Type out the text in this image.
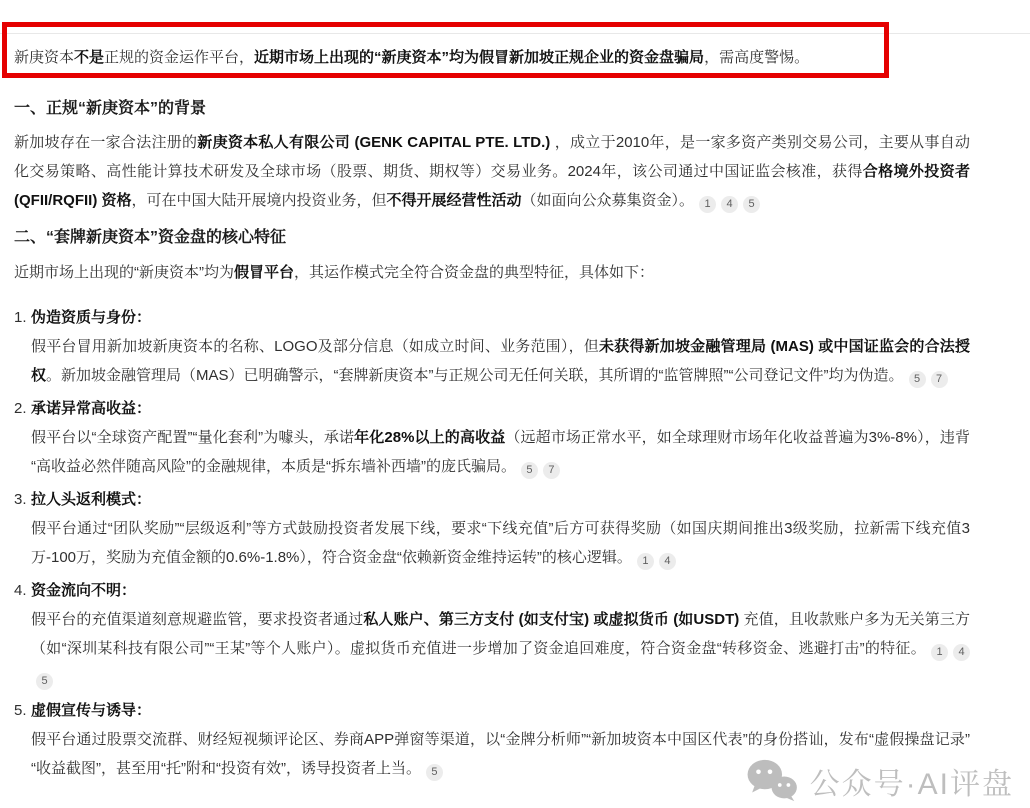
新庚资本不是正规的资金运作平台，近期市场上出现的“新庚资本”均为假冒新加坡正规企业的资金盘骗局，需高度警惕。

一、正规“新庚资本”的背景

新加坡存在一家合法注册的新庚资本私人有限公司 (GENK CAPITAL PTE. LTD.) ，成立于2010年，是一家多资产类别交易公司，主要从事自动化交易策略、高性能计算技术研发及全球市场（股票、期货、期权等）交易业务。2024年，该公司通过中国证监会核准，获得合格境外投资者 (QFII/RQFII) 资格，可在中国大陆开展境内投资业务，但不得开展经营性活动（如面向公众募集资金）。 1 4 5

二、“套牌新庚资本”资金盘的核心特征

近期市场上出现的“新庚资本”均为假冒平台，其运作模式完全符合资金盘的典型特征，具体如下：

1. 伪造资质与身份：

假平台冒用新加坡新庚资本的名称、LOGO及部分信息（如成立时间、业务范围），但未获得新加坡金融管理局 (MAS) 或中国证监会的合法授权。新加坡金融管理局（MAS）已明确警示，“套牌新庚资本”与正规公司无任何关联，其所谓的“监管牌照”“公司登记文件”均为伪造。 5 7

2. 承诺异常高收益：

假平台以“全球资产配置”“量化套利”为噱头，承诺年化28%以上的高收益（远超市场正常水平，如全球理财市场年化收益普遍为3%-8%），违背“高收益必然伴随高风险”的金融规律，本质是“拆东墙补西墙”的庞氏骗局。 5 7

3. 拉人头返利模式：

假平台通过“团队奖励”“层级返利”等方式鼓励投资者发展下线，要求“下线充值”后方可获得奖励（如国庆期间推出3级奖励，拉新需下线充值3万-100万，奖励为充值金额的0.6%-1.8%），符合资金盘“依赖新资金维持运转”的核心逻辑。 1 4

4. 资金流向不明：

假平台的充值渠道刻意规避监管，要求投资者通过私人账户、第三方支付 (如支付宝) 或虚拟货币 (如USDT) 充值，且收款账户多为无关第三方（如“深圳某科技有限公司”“王某”等个人账户）。虚拟货币充值进一步增加了资金追回难度，符合资金盘“转移资金、逃避打击”的特征。 1 45

5. 虚假宣传与诱导：

假平台通过股票交流群、财经短视频评论区、券商APP弹窗等渠道，以“金牌分析师”“新加坡资本中国区代表”的身份搭讪，发布“虚假操盘记录”“收益截图”，甚至用“托”附和“投资有效”，诱导投资者上当。 5	公众号·AI评盘
